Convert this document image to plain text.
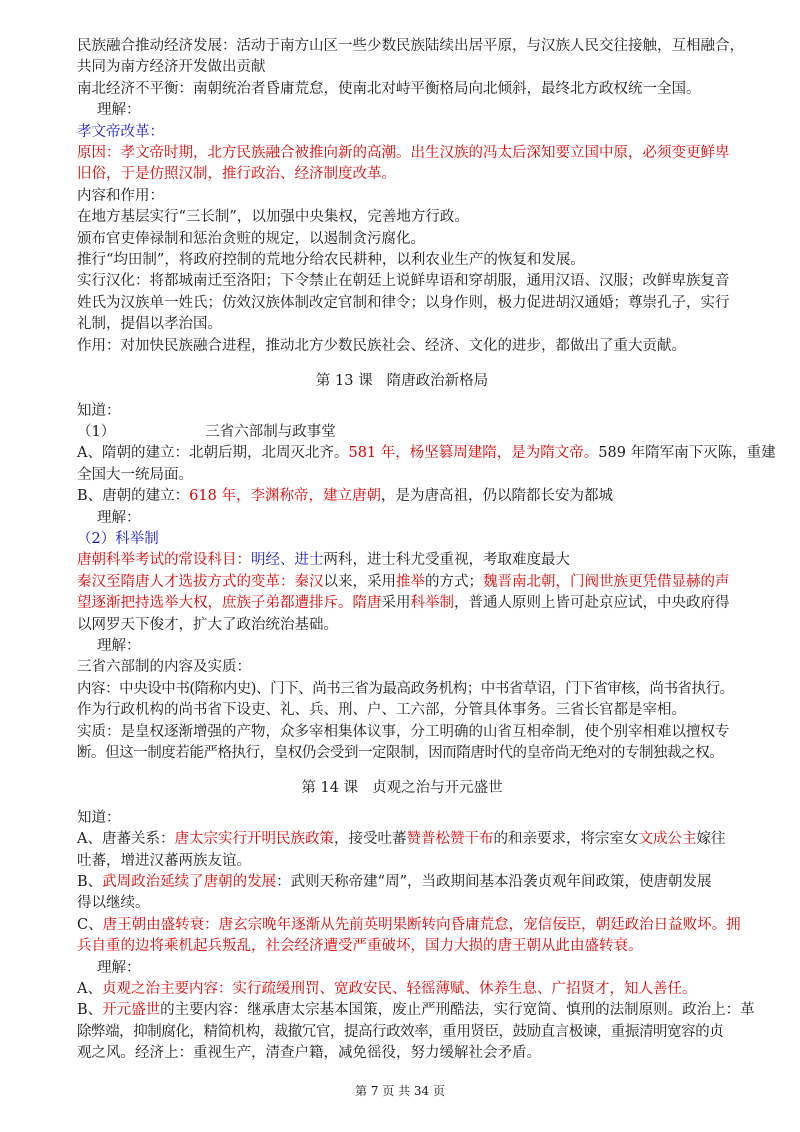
民族融合推动经济发展：活动于南方山区一些少数民族陆续出居平原，与汉族人民交往接触，互相融合，

共同为南方经济开发做出贡献

南北经济不平衡：南朝统治者昏庸荒怠，使南北对峙平衡格局向北倾斜，最终北方政权统一全国。

理解：

孝文帝改革：

原因：孝文帝时期，北方民族融合被推向新的高潮。出生汉族的冯太后深知要立国中原，必须变更鲜卑

旧俗，于是仿照汉制，推行政治、经济制度改革。

内容和作用：

在地方基层实行“三长制”，以加强中央集权，完善地方行政。

颁布官吏俸禄制和惩治贪赃的规定，以遏制贪污腐化。

推行“均田制”，将政府控制的荒地分给农民耕种，以利农业生产的恢复和发展。

实行汉化：将都城南迁至洛阳；下令禁止在朝廷上说鲜卑语和穿胡服，通用汉语、汉服；改鲜卑族复音

姓氏为汉族单一姓氏；仿效汉族体制改定官制和律令；以身作则，极力促进胡汉通婚；尊崇孔子，实行

礼制，提倡以孝治国。

作用：对加快民族融合进程，推动北方少数民族社会、经济、文化的进步，都做出了重大贡献。

第 13 课 隋唐政治新格局

知道：

（1）	三省六部制与政事堂

A、隋朝的建立：北朝后期，北周灭北齐。581 年，杨坚篡周建隋，是为隋文帝。589 年隋军南下灭陈，重建

全国大一统局面。

B、唐朝的建立：618 年，李渊称帝，建立唐朝，是为唐高祖，仍以隋都长安为都城

理解：

（2）科举制

唐朝科举考试的常设科目：明经、进士两科，进士科尤受重视，考取难度最大

秦汉至隋唐人才选拔方式的变革：秦汉以来，采用推举的方式；魏晋南北朝，门阀世族更凭借显赫的声

望逐渐把持选举大权，庶族子弟都遭排斥。隋唐采用科举制，普通人原则上皆可赴京应试，中央政府得

以网罗天下俊才，扩大了政治统治基础。

理解：

三省六部制的内容及实质：

内容：中央设中书(隋称内史)、门下、尚书三省为最高政务机构；中书省草诏，门下省审核，尚书省执行。

作为行政机构的尚书省下设吏、礼、兵、刑、户、工六部，分管具体事务。三省长官都是宰相。

实质：是皇权逐渐增强的产物，众多宰相集体议事，分工明确的山省互相牵制，使个别宰相难以擅权专

断。但这一制度若能严格执行，皇权仍会受到一定限制，因而隋唐时代的皇帝尚无绝对的专制独裁之权。

第 14 课 贞观之治与开元盛世

知道：

A、唐蕃关系：唐太宗实行开明民族政策，接受吐蕃赞普松赞干布的和亲要求，将宗室女文成公主嫁往

吐蕃，增进汉蕃两族友谊。

B、武周政治延续了唐朝的发展：武则天称帝建“周”，当政期间基本沿袭贞观年间政策，使唐朝发展

得以继续。

C、唐王朝由盛转衰：唐玄宗晚年逐渐从先前英明果断转向昏庸荒怠，宠信佞臣，朝廷政治日益败坏。拥

兵自重的边将乘机起兵叛乱，社会经济遭受严重破坏，国力大损的唐王朝从此由盛转衰。

理解：

A、贞观之治主要内容：实行疏缓刑罚、宽政安民、轻徭薄赋、休养生息、广招贤才，知人善任。

B、开元盛世的主要内容：继承唐太宗基本国策，废止严刑酷法，实行宽简、慎刑的法制原则。政治上：革

除弊端，抑制腐化，精简机构，裁撤冗官，提高行政效率，重用贤臣，鼓励直言极谏，重振清明宽容的贞

观之风。经济上：重视生产，清查户籍，减免徭役，努力缓解社会矛盾。

第 7 页 共 34 页
